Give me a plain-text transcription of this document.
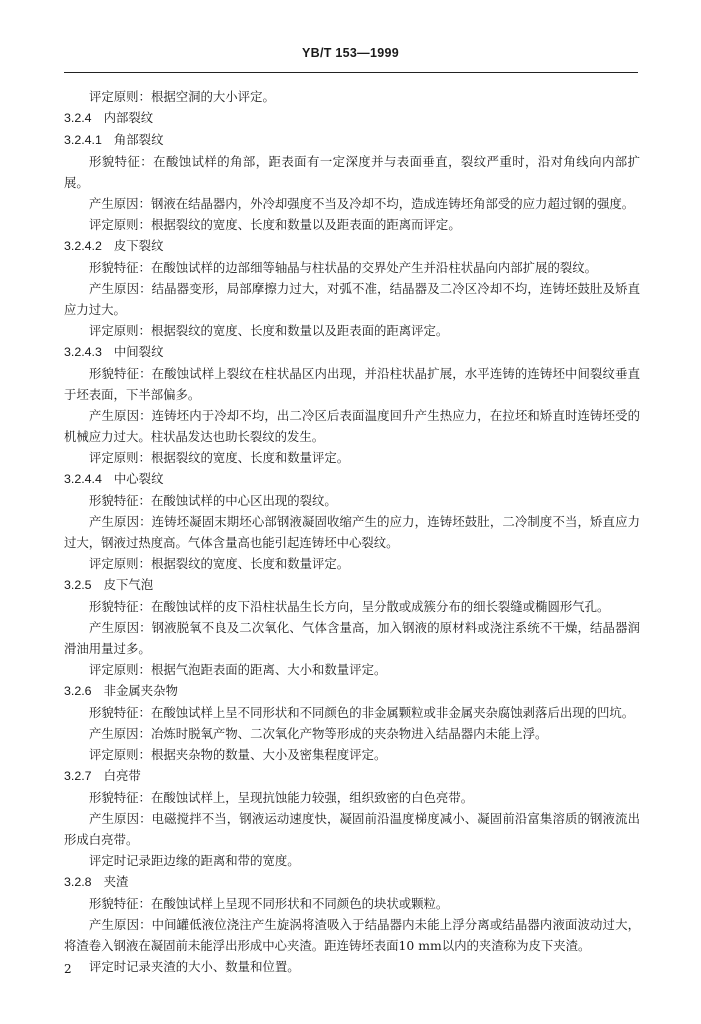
YB/T 153—1999

评定原则：根据空洞的大小评定。

3.2.4 内部裂纹

3.2.4.1 角部裂纹

形貌特征：在酸蚀试样的角部，距表面有一定深度并与表面垂直，裂纹严重时，沿对角线向内部扩展。

产生原因：钢液在结晶器内，外冷却强度不当及冷却不均，造成连铸坯角部受的应力超过钢的强度。

评定原则：根据裂纹的宽度、长度和数量以及距表面的距离而评定。

3.2.4.2 皮下裂纹

形貌特征：在酸蚀试样的边部细等轴晶与柱状晶的交界处产生并沿柱状晶向内部扩展的裂纹。

产生原因：结晶器变形，局部摩擦力过大，对弧不准，结晶器及二冷区冷却不均，连铸坯鼓肚及矫直应力过大。

评定原则：根据裂纹的宽度、长度和数量以及距表面的距离评定。

3.2.4.3 中间裂纹

形貌特征：在酸蚀试样上裂纹在柱状晶区内出现，并沿柱状晶扩展，水平连铸的连铸坯中间裂纹垂直于坯表面，下半部偏多。

产生原因：连铸坯内于冷却不均，出二冷区后表面温度回升产生热应力，在拉坯和矫直时连铸坯受的机械应力过大。柱状晶发达也助长裂纹的发生。

评定原则：根据裂纹的宽度、长度和数量评定。

3.2.4.4 中心裂纹

形貌特征：在酸蚀试样的中心区出现的裂纹。

产生原因：连铸坯凝固末期坯心部钢液凝固收缩产生的应力，连铸坯鼓肚，二冷制度不当，矫直应力过大，钢液过热度高。气体含量高也能引起连铸坯中心裂纹。

评定原则：根据裂纹的宽度、长度和数量评定。

3.2.5 皮下气泡

形貌特征：在酸蚀试样的皮下沿柱状晶生长方向，呈分散或成簇分布的细长裂缝或椭圆形气孔。

产生原因：钢液脱氧不良及二次氧化、气体含量高，加入钢液的原材料或浇注系统不干燥，结晶器润滑油用量过多。

评定原则：根据气泡距表面的距离、大小和数量评定。

3.2.6 非金属夹杂物

形貌特征：在酸蚀试样上呈不同形状和不同颜色的非金属颗粒或非金属夹杂腐蚀剥落后出现的凹坑。

产生原因：冶炼时脱氧产物、二次氧化产物等形成的夹杂物进入结晶器内未能上浮。

评定原则：根据夹杂物的数量、大小及密集程度评定。

3.2.7 白亮带

形貌特征：在酸蚀试样上，呈现抗蚀能力较强，组织致密的白色亮带。

产生原因：电磁搅拌不当，钢液运动速度快，凝固前沿温度梯度减小、凝固前沿富集溶质的钢液流出形成白亮带。

评定时记录距边缘的距离和带的宽度。

3.2.8 夹渣

形貌特征：在酸蚀试样上呈现不同形状和不同颜色的块状或颗粒。

产生原因：中间罐低液位浇注产生旋涡将渣吸入于结晶器内未能上浮分离或结晶器内液面波动过大，将渣卷入钢液在凝固前未能浮出形成中心夹渣。距连铸坯表面10 mm以内的夹渣称为皮下夹渣。

评定时记录夹渣的大小、数量和位置。

2
